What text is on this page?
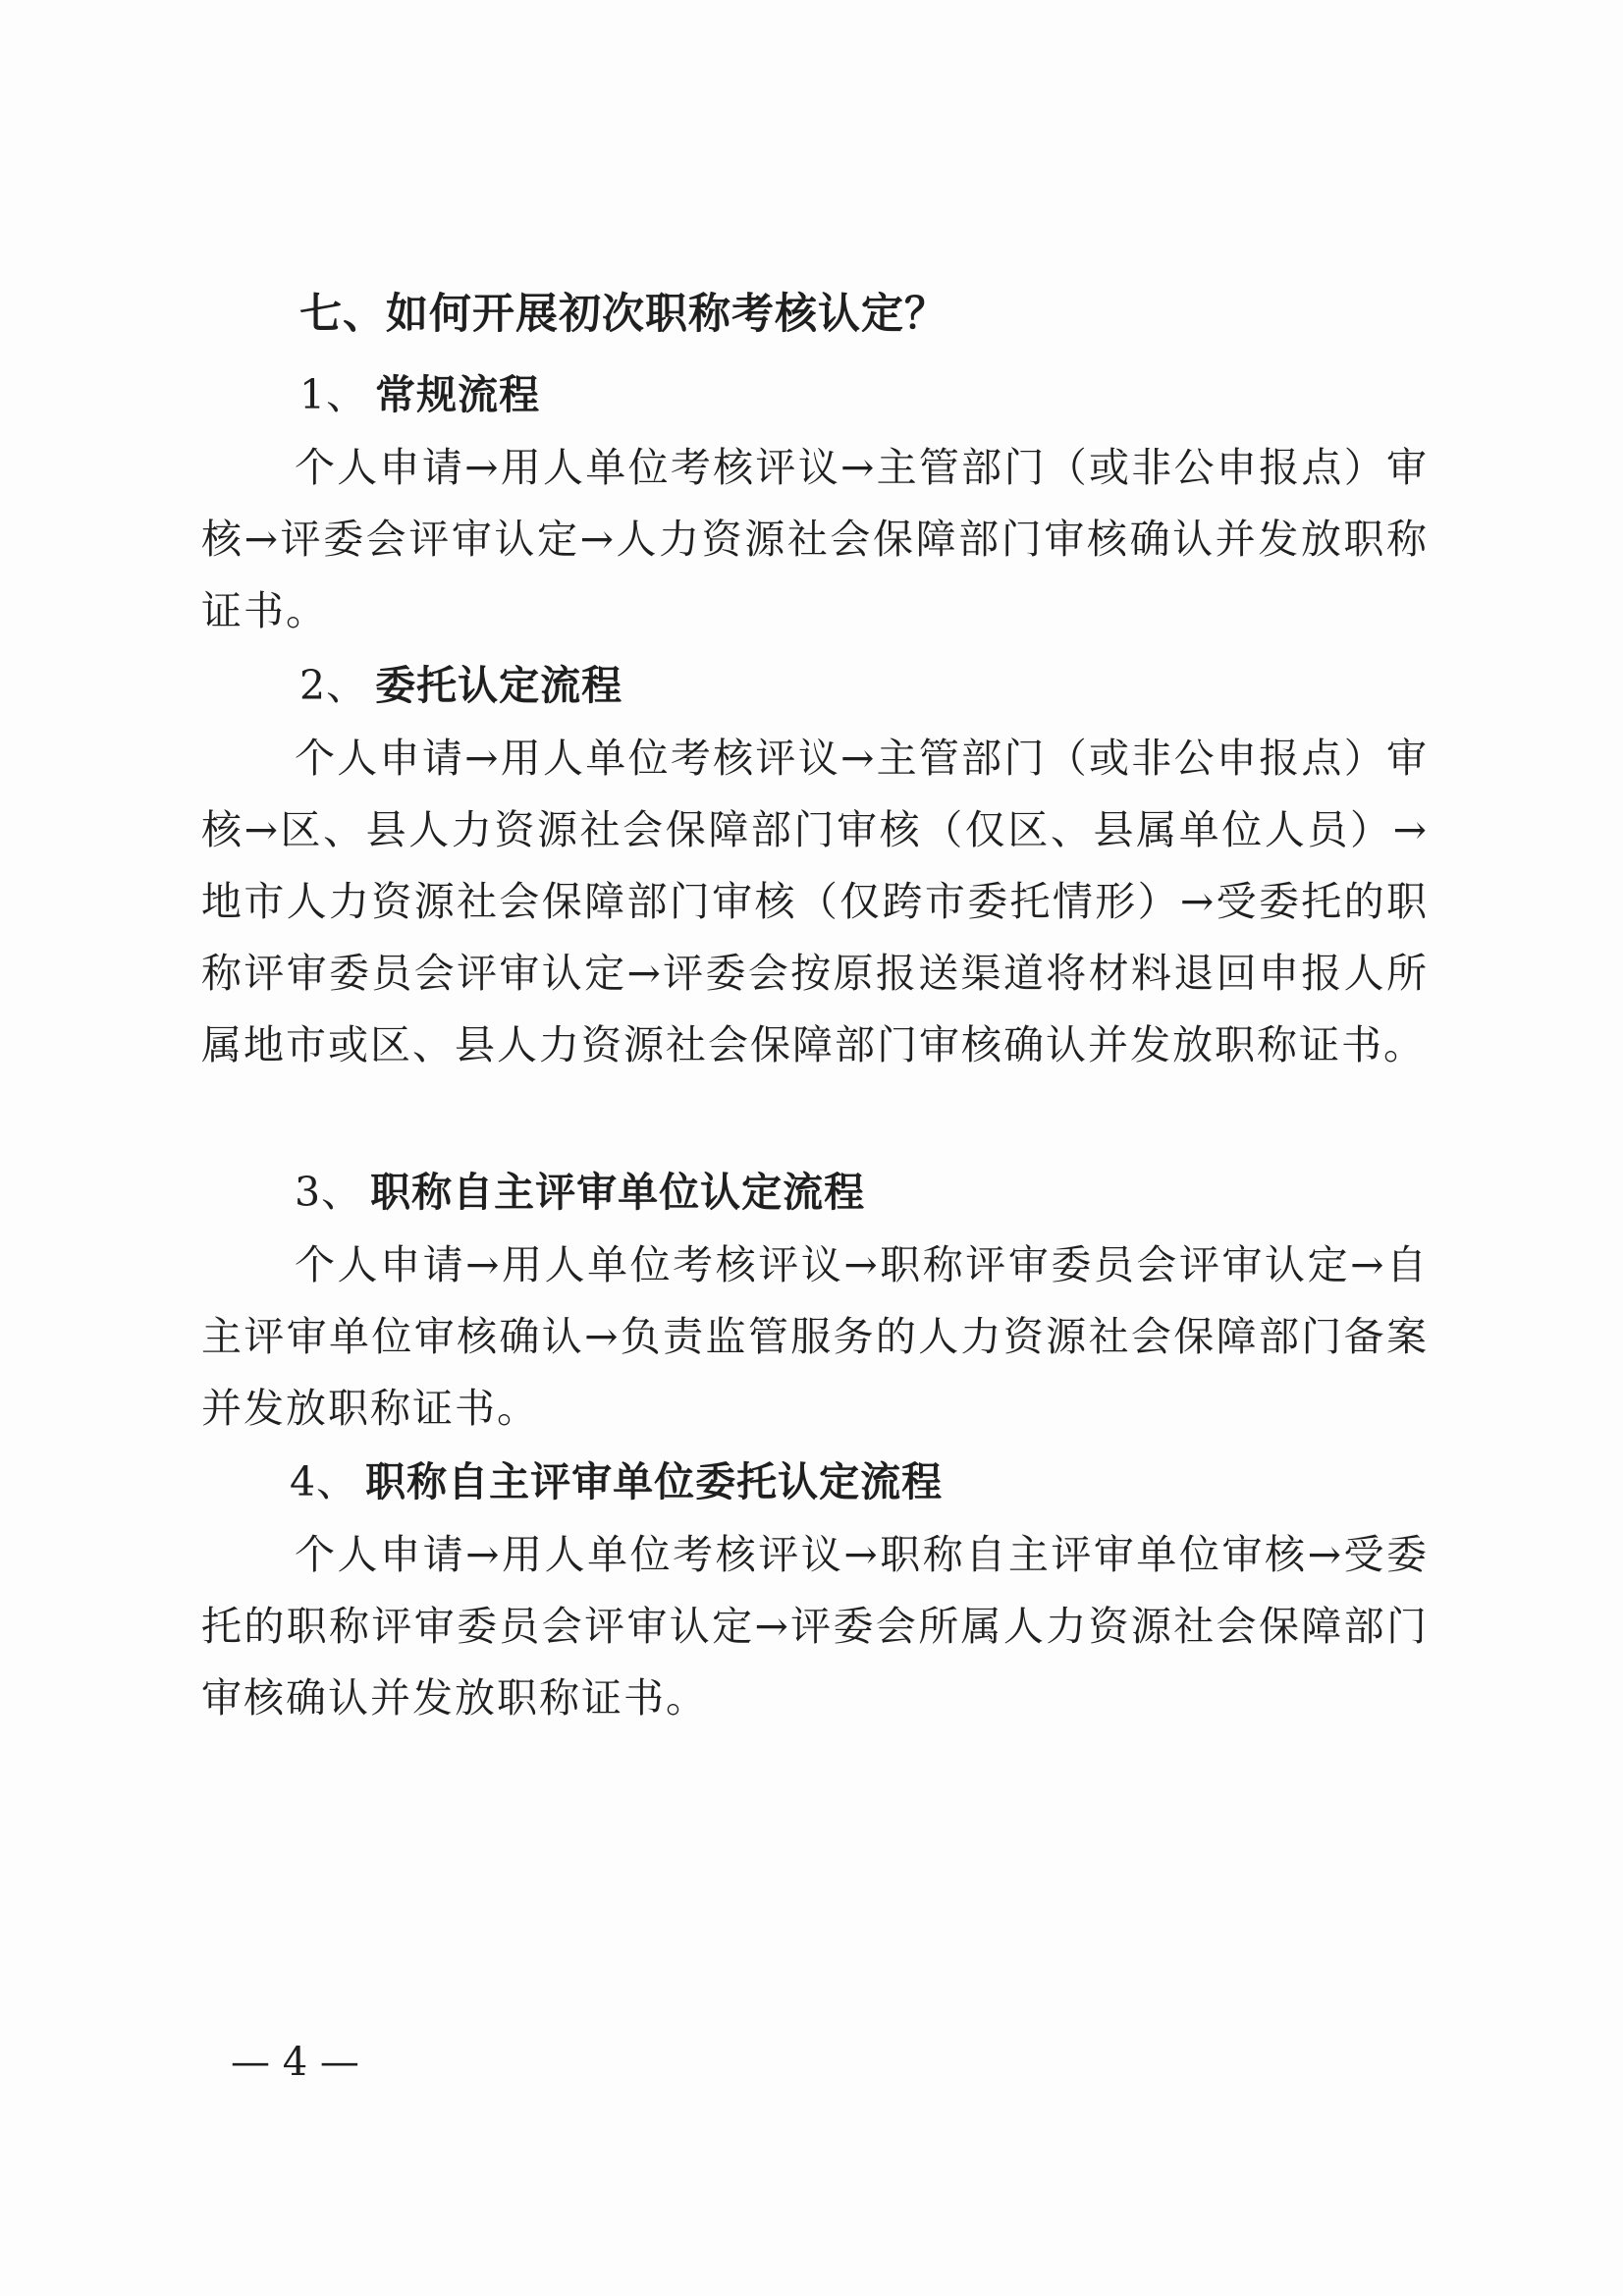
七、如何开展初次职称考核认定？
1、 常规流程

个人申请→用人单位考核评议→主管部门（或非公申报点）审核→评委会评审认定→人力资源社会保障部门审核确认并发放职称证书。

2、 委托认定流程

个人申请→用人单位考核评议→主管部门（或非公申报点）审核→区、县人力资源社会保障部门审核（仅区、县属单位人员）→地市人力资源社会保障部门审核（仅跨市委托情形）→受委托的职称评审委员会评审认定→评委会按原报送渠道将材料退回申报人所属地市或区、县人力资源社会保障部门审核确认并发放职称证书。

3、 职称自主评审单位认定流程

个人申请→用人单位考核评议→职称评审委员会评审认定→自主评审单位审核确认→负责监管服务的人力资源社会保障部门备案并发放职称证书。

4、 职称自主评审单位委托认定流程

个人申请→用人单位考核评议→职称自主评审单位审核→受委托的职称评审委员会评审认定→评委会所属人力资源社会保障部门审核确认并发放职称证书。

— 4 —
